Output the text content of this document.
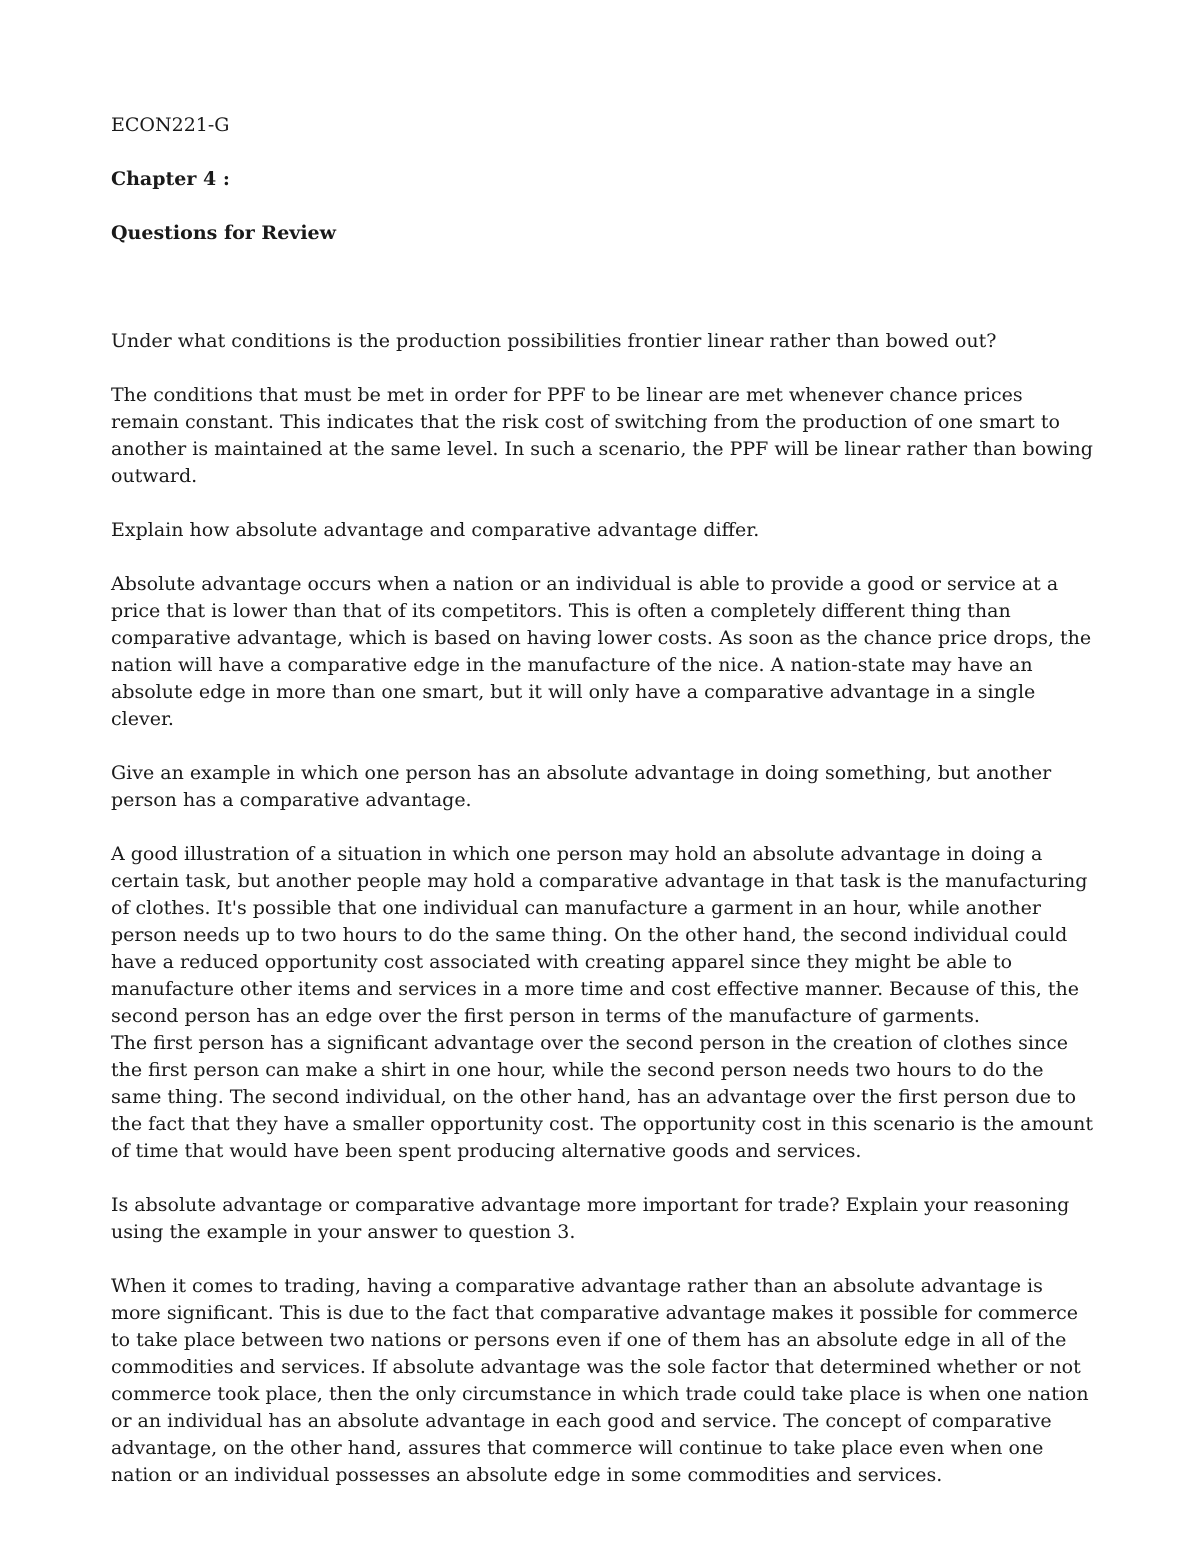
ECON221-G

Chapter 4 :

Questions for Review

Under what conditions is the production possibilities frontier linear rather than bowed out?

The conditions that must be met in order for PPF to be linear are met whenever chance prices remain constant. This indicates that the risk cost of switching from the production of one smart to another is maintained at the same level. In such a scenario, the PPF will be linear rather than bowing outward.

Explain how absolute advantage and comparative advantage differ.

Absolute advantage occurs when a nation or an individual is able to provide a good or service at a price that is lower than that of its competitors. This is often a completely different thing than comparative advantage, which is based on having lower costs. As soon as the chance price drops, the nation will have a comparative edge in the manufacture of the nice. A nation-state may have an absolute edge in more than one smart, but it will only have a comparative advantage in a single clever.

Give an example in which one person has an absolute advantage in doing something, but another person has a comparative advantage.

A good illustration of a situation in which one person may hold an absolute advantage in doing a certain task, but another people may hold a comparative advantage in that task is the manufacturing of clothes. It's possible that one individual can manufacture a garment in an hour, while another person needs up to two hours to do the same thing. On the other hand, the second individual could have a reduced opportunity cost associated with creating apparel since they might be able to manufacture other items and services in a more time and cost effective manner. Because of this, the second person has an edge over the first person in terms of the manufacture of garments.

The first person has a significant advantage over the second person in the creation of clothes since the first person can make a shirt in one hour, while the second person needs two hours to do the same thing. The second individual, on the other hand, has an advantage over the first person due to the fact that they have a smaller opportunity cost. The opportunity cost in this scenario is the amount of time that would have been spent producing alternative goods and services.

Is absolute advantage or comparative advantage more important for trade? Explain your reasoning using the example in your answer to question 3.

When it comes to trading, having a comparative advantage rather than an absolute advantage is more significant. This is due to the fact that comparative advantage makes it possible for commerce to take place between two nations or persons even if one of them has an absolute edge in all of the commodities and services. If absolute advantage was the sole factor that determined whether or not commerce took place, then the only circumstance in which trade could take place is when one nation or an individual has an absolute advantage in each good and service. The concept of comparative advantage, on the other hand, assures that commerce will continue to take place even when one nation or an individual possesses an absolute edge in some commodities and services.
